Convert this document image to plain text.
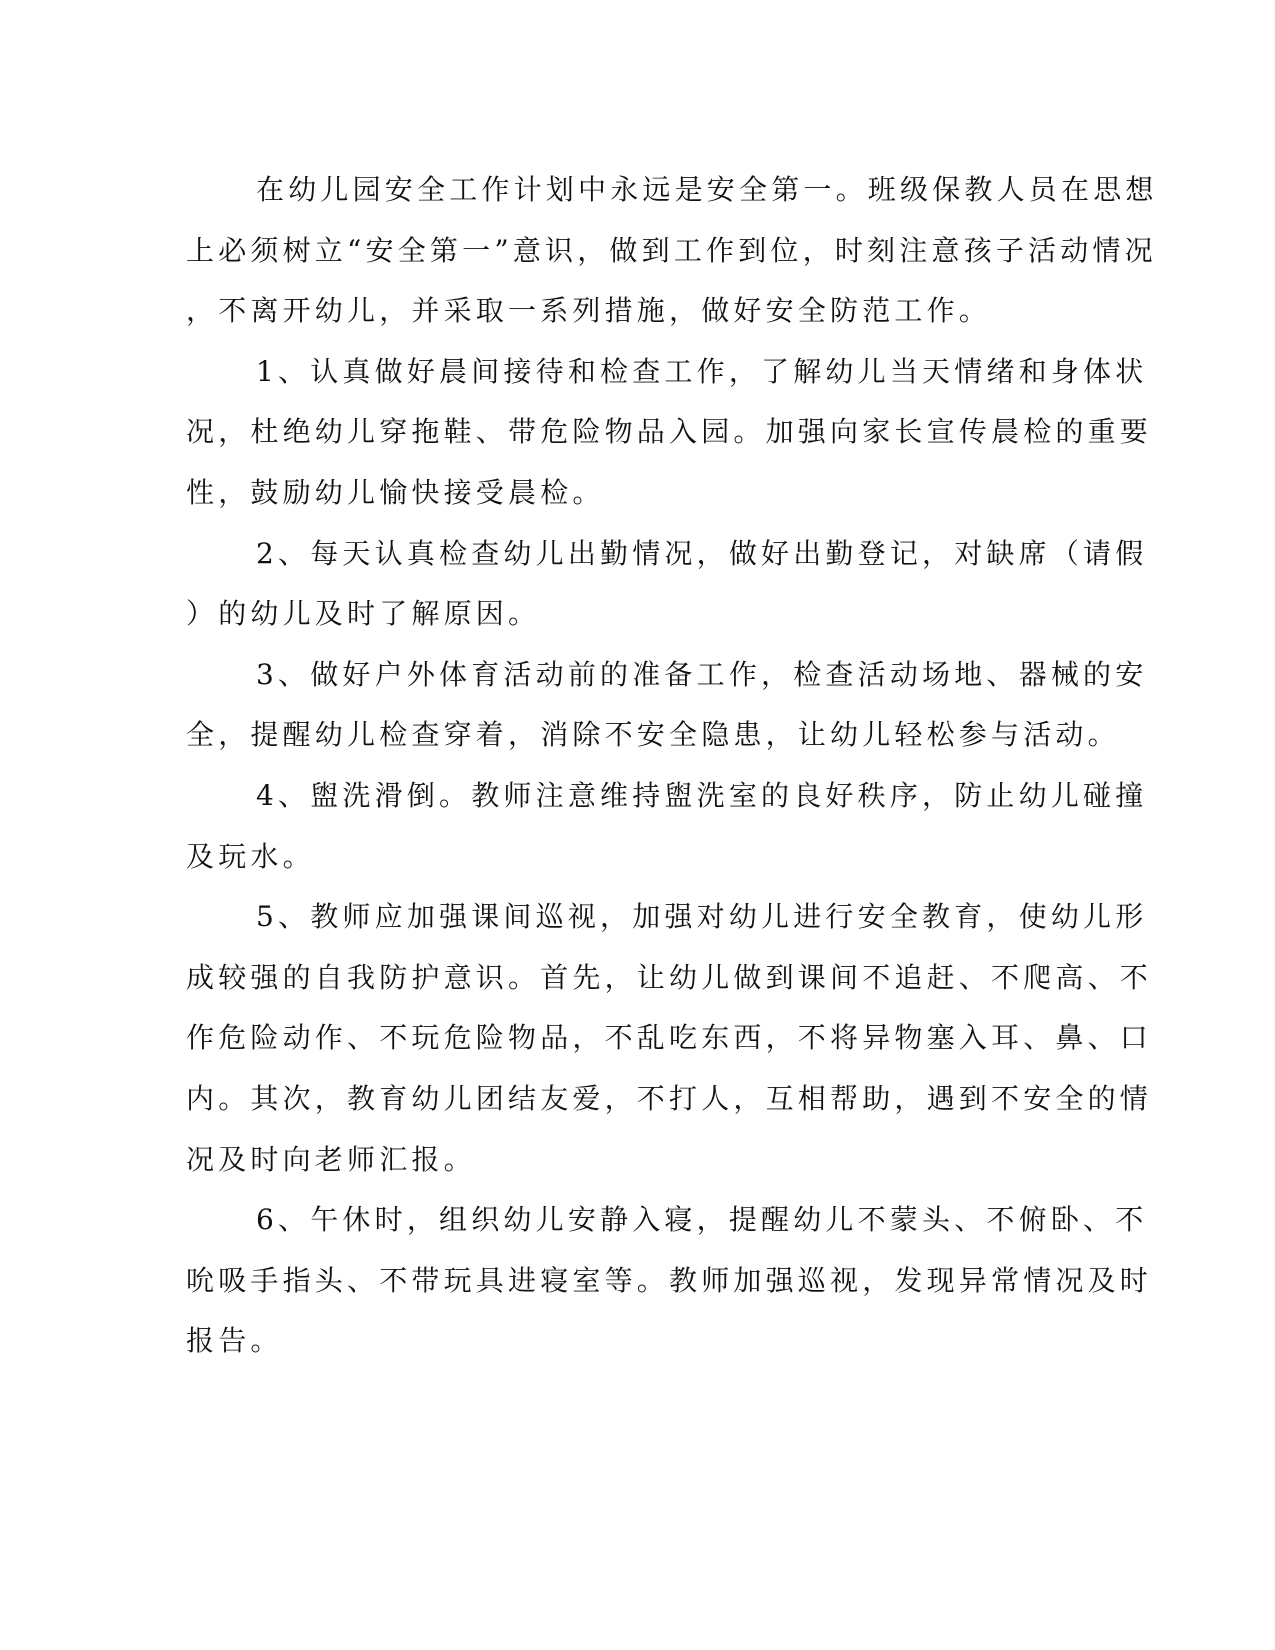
在幼儿园安全工作计划中永远是安全第一。班级保教人员在思想
上必须树立“安全第一”意识，做到工作到位，时刻注意孩子活动情况
，不离开幼儿，并采取一系列措施，做好安全防范工作。
1、认真做好晨间接待和检查工作，了解幼儿当天情绪和身体状
况，杜绝幼儿穿拖鞋、带危险物品入园。加强向家长宣传晨检的重要
性，鼓励幼儿愉快接受晨检。
2、每天认真检查幼儿出勤情况，做好出勤登记，对缺席（请假
）的幼儿及时了解原因。
3、做好户外体育活动前的准备工作，检查活动场地、器械的安
全，提醒幼儿检查穿着，消除不安全隐患，让幼儿轻松参与活动。
4、盥洗滑倒。教师注意维持盥洗室的良好秩序，防止幼儿碰撞
及玩水。
5、教师应加强课间巡视，加强对幼儿进行安全教育，使幼儿形
成较强的自我防护意识。首先，让幼儿做到课间不追赶、不爬高、不
作危险动作、不玩危险物品，不乱吃东西，不将异物塞入耳、鼻、口
内。其次，教育幼儿团结友爱，不打人，互相帮助，遇到不安全的情
况及时向老师汇报。
6、午休时，组织幼儿安静入寝，提醒幼儿不蒙头、不俯卧、不
吮吸手指头、不带玩具进寝室等。教师加强巡视，发现异常情况及时
报告。
